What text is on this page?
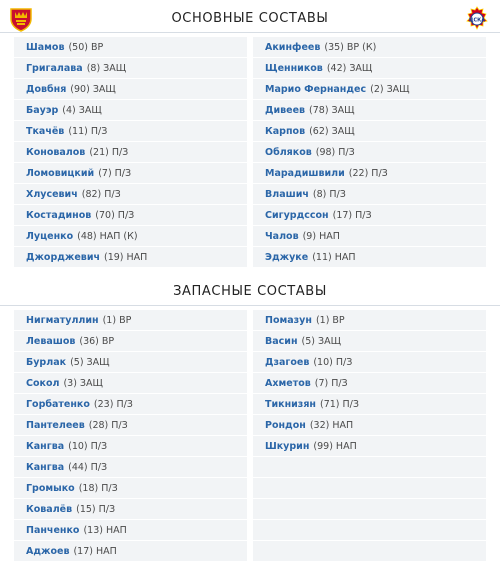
ЦСКА
ОСНОВНЫЕ СОСТАВЫ
Шамов (50) ВР
Григалава (8) ЗАЩ
Довбня (90) ЗАЩ
Бауэр (4) ЗАЩ
Ткачёв (11) П/З
Коновалов (21) П/З
Ломовицкий (7) П/З
Хлусевич (82) П/З
Костадинов (70) П/З
Луценко (48) НАП (К)
Джорджевич (19) НАП
Акинфеев (35) ВР (К)
Щенников (42) ЗАЩ
Марио Фернандес (2) ЗАЩ
Дивеев (78) ЗАЩ
Карпов (62) ЗАЩ
Обляков (98) П/З
Марадишвили (22) П/З
Влашич (8) П/З
Сигурдссон (17) П/З
Чалов (9) НАП
Эджуке (11) НАП
ЗАПАСНЫЕ СОСТАВЫ
Нигматуллин (1) ВР
Левашов (36) ВР
Бурлак (5) ЗАЩ
Сокол (3) ЗАЩ
Горбатенко (23) П/З
Пантелеев (28) П/З
Кангва (10) П/З
Кангва (44) П/З
Громыко (18) П/З
Ковалёв (15) П/З
Панченко (13) НАП
Аджоев (17) НАП
Помазун (1) ВР
Васин (5) ЗАЩ
Дзагоев (10) П/З
Ахметов (7) П/З
Тикнизян (71) П/З
Рондон (32) НАП
Шкурин (99) НАП
